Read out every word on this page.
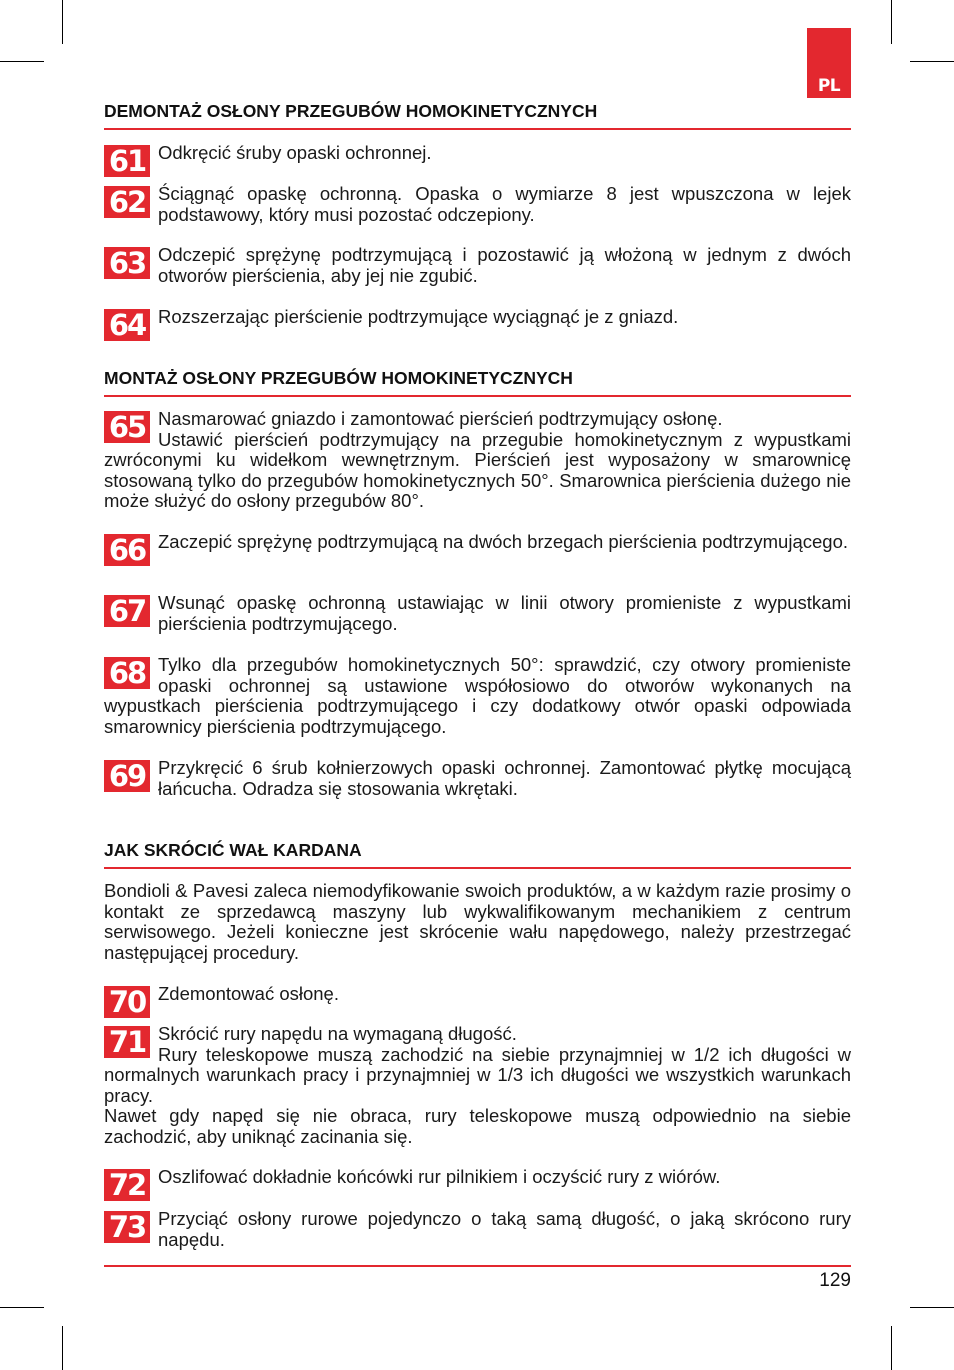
PL
DEMONTAŻ OSŁONY PRZEGUBÓW HOMOKINETYCZNYCH
61 Odkręcić śruby opaski ochronnej.

62 Ściągnąć opaskę ochronną. Opaska o wymiarze 8 jest wpuszczona w lejek podstawowy, który musi pozostać odczepiony.

63 Odczepić sprężynę podtrzymującą i pozostawić ją włożoną w jednym z dwóch otworów pierścienia, aby jej nie zgubić.

64 Rozszerzając pierścienie podtrzymujące wyciągnąć je z gniazd.

MONTAŻ OSŁONY PRZEGUBÓW HOMOKINETYCZNYCH
65 Nasmarować gniazdo i zamontować pierścień podtrzymujący osłonę.

Ustawić pierścień podtrzymujący na przegubie homokinetycznym z wypustkami zwróconymi ku widełkom wewnętrznym. Pierścień jest wyposażony w smarownicę stosowaną tylko do przegubów homokinetycznych 50°. Smarownica pierścienia dużego nie może służyć do osłony przegubów 80°.

66 Zaczepić sprężynę podtrzymującą na dwóch brzegach pierścienia podtrzymującego.

67 Wsunąć opaskę ochronną ustawiając w linii otwory promieniste z wypustkami pierścienia podtrzymującego.

68 Tylko dla przegubów homokinetycznych 50°: sprawdzić, czy otwory promieniste opaski ochronnej są ustawione współosiowo do otworów wykonanych na wypustkach pierścienia podtrzymującego i czy dodatkowy otwór opaski odpowiada smarownicy pierścienia podtrzymującego.

69 Przykręcić 6 śrub kołnierzowych opaski ochronnej. Zamontować płytkę mocującą łańcucha. Odradza się stosowania wkrętaki.

JAK SKRÓCIĆ WAŁ KARDANA
Bondioli & Pavesi zaleca niemodyfikowanie swoich produktów, a w każdym razie prosimy o kontakt ze sprzedawcą maszyny lub wykwalifikowanym mechanikiem z centrum serwisowego. Jeżeli konieczne jest skrócenie wału napędowego, należy przestrzegać następującej procedury.
70 Zdemontować osłonę.

71 Skrócić rury napędu na wymaganą długość.

Rury teleskopowe muszą zachodzić na siebie przynajmniej w 1/2 ich długości w normalnych warunkach pracy i przynajmniej w 1/3 ich długości we wszystkich warunkach pracy.

Nawet gdy napęd się nie obraca, rury teleskopowe muszą odpowiednio na siebie zachodzić, aby uniknąć zacinania się.

72 Oszlifować dokładnie końcówki rur pilnikiem i oczyścić rury z wiórów.

73 Przyciąć osłony rurowe pojedynczo o taką samą długość, o jaką skrócono rury napędu.

129
